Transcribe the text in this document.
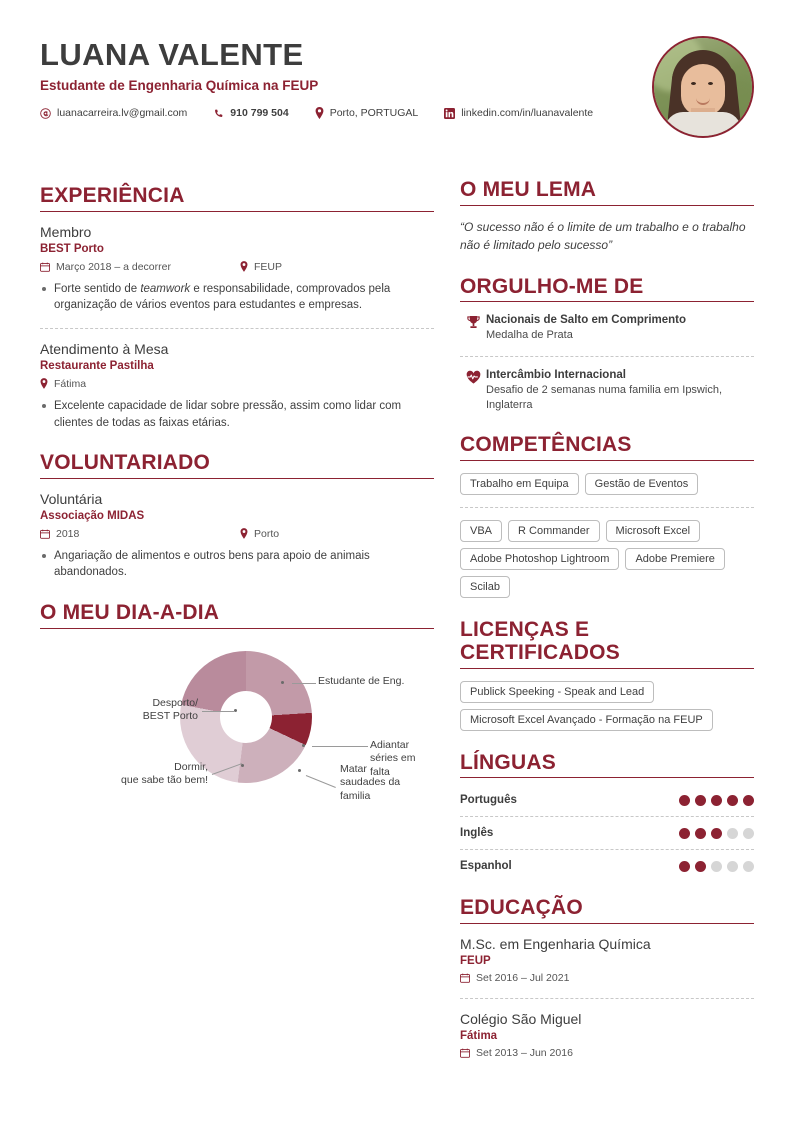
LUANA VALENTE
Estudante de Engenharia Química na FEUP
luanacarreira.lv@gmail.com	910 799 504	Porto, PORTUGAL	linkedin.com/in/luanavalente
EXPERIÊNCIA
Membro
BEST Porto
Março 2018 – a decorrer	FEUP
Forte sentido de teamwork e responsabilidade, comprovados pela organização de vários eventos para estudantes e empresas.
Atendimento à Mesa
Restaurante Pastilha
Fátima
Excelente capacidade de lidar sobre pressão, assim como lidar com clientes de todas as faixas etárias.
VOLUNTARIADO
Voluntária
Associação MIDAS
2018	Porto
Angariação de alimentos e outros bens para apoio de animais abandonados.
O MEU DIA-A-DIA
Estudante de Eng.
Adiantar séries em falta
Matar
saudades da
familia
Dormir,
que sabe tão bem!
Desporto/
BEST Porto
O MEU LEMA

“O sucesso não é o limite de um trabalho e o trabalho não é limitado pelo sucesso”

ORGULHO-ME DE
Nacionais de Salto em Comprimento

Medalha de Prata

Intercâmbio Internacional

Desafio de 2 semanas numa familia em Ipswich, Inglaterra

COMPETÊNCIAS
Trabalho em Equipa	Gestão de Eventos
VBA	R Commander	Microsoft Excel
Adobe Photoshop Lightroom	Adobe Premiere
Scilab
LICENÇAS E CERTIFICADOS
Publick Speeking - Speak and Lead
Microsoft Excel Avançado - Formação na FEUP
LÍNGUAS
Português
Inglês
Espanhol
EDUCAÇÃO
M.Sc. em Engenharia Química
FEUP
Set 2016 – Jul 2021
Colégio São Miguel
Fátima
Set 2013 – Jun 2016
